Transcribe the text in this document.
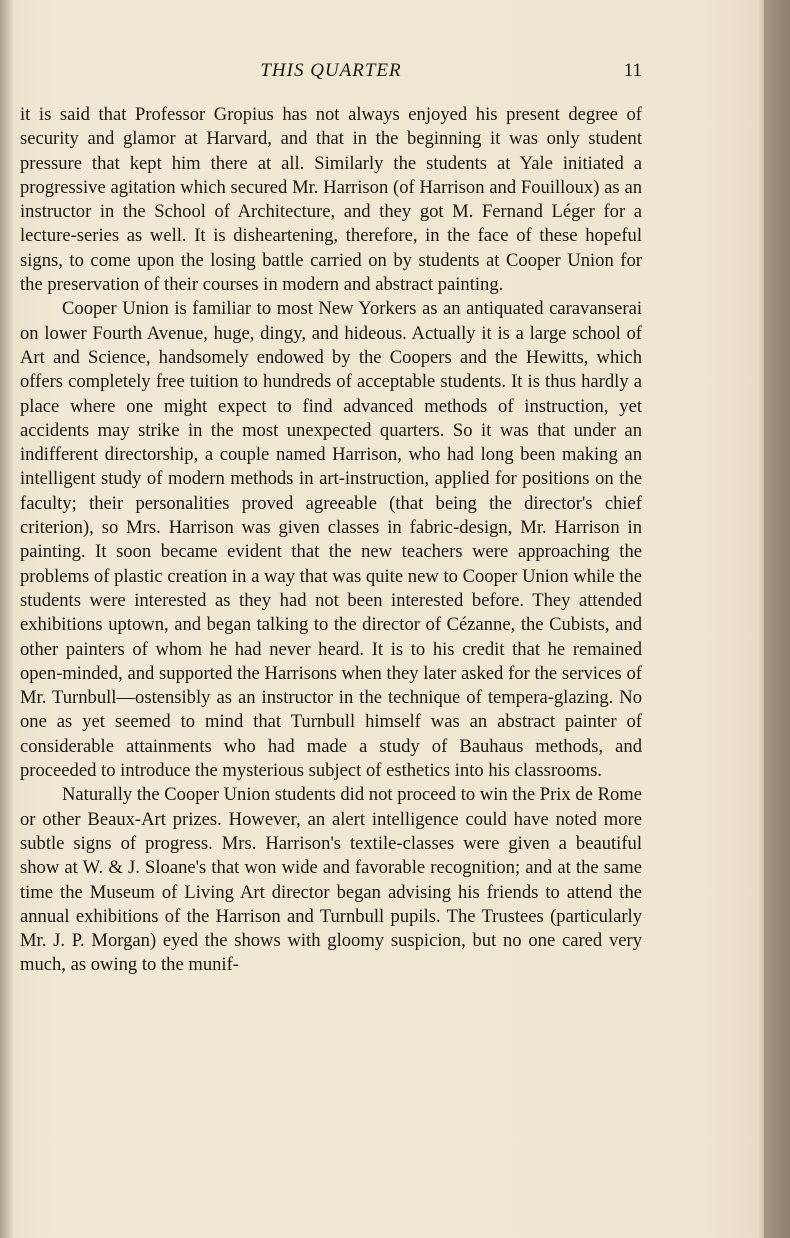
THIS QUARTER	11

it is said that Professor Gropius has not always enjoyed his present degree of security and glamor at Harvard, and that in the beginning it was only student pressure that kept him there at all. Similarly the students at Yale initiated a progressive agitation which secured Mr. Harrison (of Harrison and Fouilloux) as an instructor in the School of Architecture, and they got M. Fernand Léger for a lecture-series as well. It is disheartening, therefore, in the face of these hopeful signs, to come upon the losing battle carried on by students at Cooper Union for the preservation of their courses in modern and abstract painting.

Cooper Union is familiar to most New Yorkers as an antiquated caravanserai on lower Fourth Avenue, huge, dingy, and hideous. Actually it is a large school of Art and Science, handsomely endowed by the Coopers and the Hewitts, which offers completely free tuition to hundreds of acceptable students. It is thus hardly a place where one might expect to find advanced methods of instruction, yet accidents may strike in the most unexpected quarters. So it was that under an indifferent directorship, a couple named Harrison, who had long been making an intelligent study of modern methods in art-instruction, applied for positions on the faculty; their personalities proved agreeable (that being the director's chief criterion), so Mrs. Harrison was given classes in fabric-design, Mr. Harrison in painting. It soon became evident that the new teachers were approaching the problems of plastic creation in a way that was quite new to Cooper Union while the students were interested as they had not been interested before. They attended exhibitions uptown, and began talking to the director of Cézanne, the Cubists, and other painters of whom he had never heard. It is to his credit that he remained open-minded, and supported the Harrisons when they later asked for the services of Mr. Turnbull—ostensibly as an instructor in the technique of tempera-glazing. No one as yet seemed to mind that Turnbull himself was an abstract painter of considerable attainments who had made a study of Bauhaus methods, and proceeded to introduce the mysterious subject of esthetics into his classrooms.

Naturally the Cooper Union students did not proceed to win the Prix de Rome or other Beaux-Art prizes. However, an alert intelligence could have noted more subtle signs of progress. Mrs. Harrison's textile-classes were given a beautiful show at W. & J. Sloane's that won wide and favorable recognition; and at the same time the Museum of Living Art director began advising his friends to attend the annual exhibitions of the Harrison and Turnbull pupils. The Trustees (particularly Mr. J. P. Morgan) eyed the shows with gloomy suspicion, but no one cared very much, as owing to the munif-
